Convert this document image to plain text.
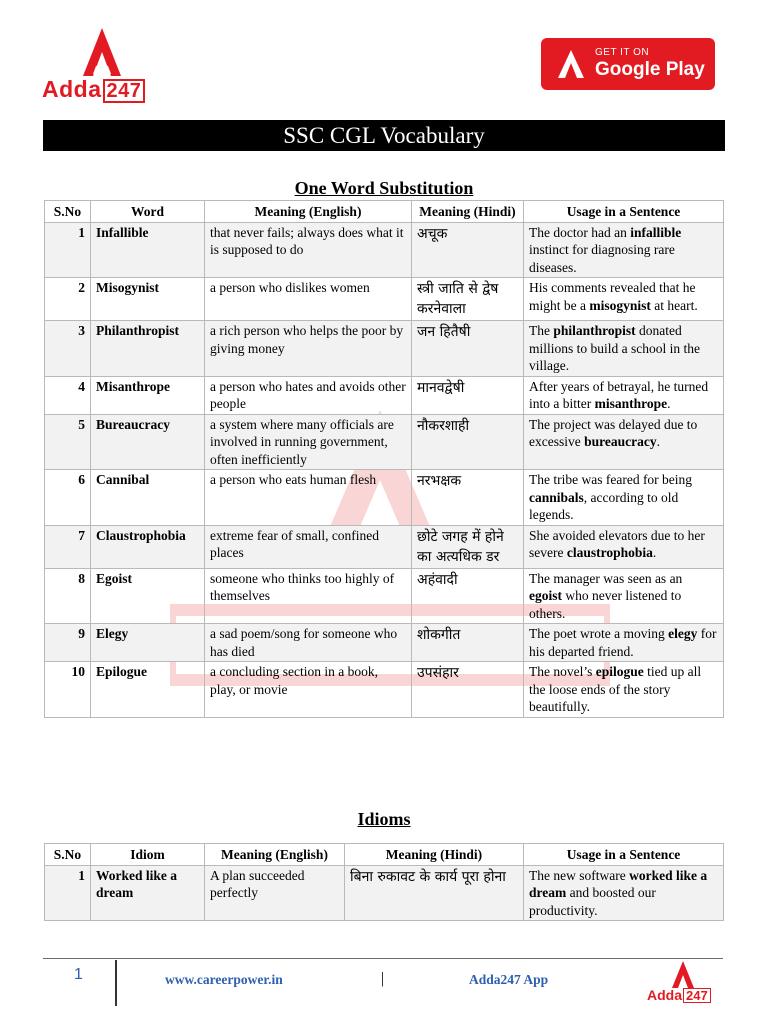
Adda 247
GET IT ON
Google Play
SSC CGL Vocabulary
One Word Substitution
S.No	Word	Meaning (English)	Meaning (Hindi)	Usage in a Sentence
1	Infallible	that never fails; always does what it is supposed to do	अचूक	The doctor had an infallible instinct for diagnosing rare diseases.
2	Misogynist	a person who dislikes women	स्त्री जाति से द्वेष करनेवाला	His comments revealed that he might be a misogynist at heart.
3	Philanthropist	a rich person who helps the poor by giving money	जन हितैषी	The philanthropist donated millions to build a school in the village.
4	Misanthrope	a person who hates and avoids other people	मानवद्वेषी	After years of betrayal, he turned into a bitter misanthrope.
5	Bureaucracy	a system where many officials are involved in running government, often inefficiently	नौकरशाही	The project was delayed due to excessive bureaucracy.
6	Cannibal	a person who eats human flesh	नरभक्षक	The tribe was feared for being cannibals, according to old legends.
7	Claustrophobia	extreme fear of small, confined places	छोटे जगह में होने का अत्यधिक डर	She avoided elevators due to her severe claustrophobia.
8	Egoist	someone who thinks too highly of themselves	अहंवादी	The manager was seen as an egoist who never listened to others.
9	Elegy	a sad poem/song for someone who has died	शोकगीत	The poet wrote a moving elegy for his departed friend.
10	Epilogue	a concluding section in a book, play, or movie	उपसंहार	The novel’s epilogue tied up all the loose ends of the story beautifully.
Idioms
S.No	Idiom	Meaning (English)	Meaning (Hindi)	Usage in a Sentence
1	Worked like a dream	A plan succeeded perfectly	बिना रुकावट के कार्य पूरा होना	The new software worked like a dream and boosted our productivity.
1	www.careerpower.in	|	Adda247 App
Adda 247
